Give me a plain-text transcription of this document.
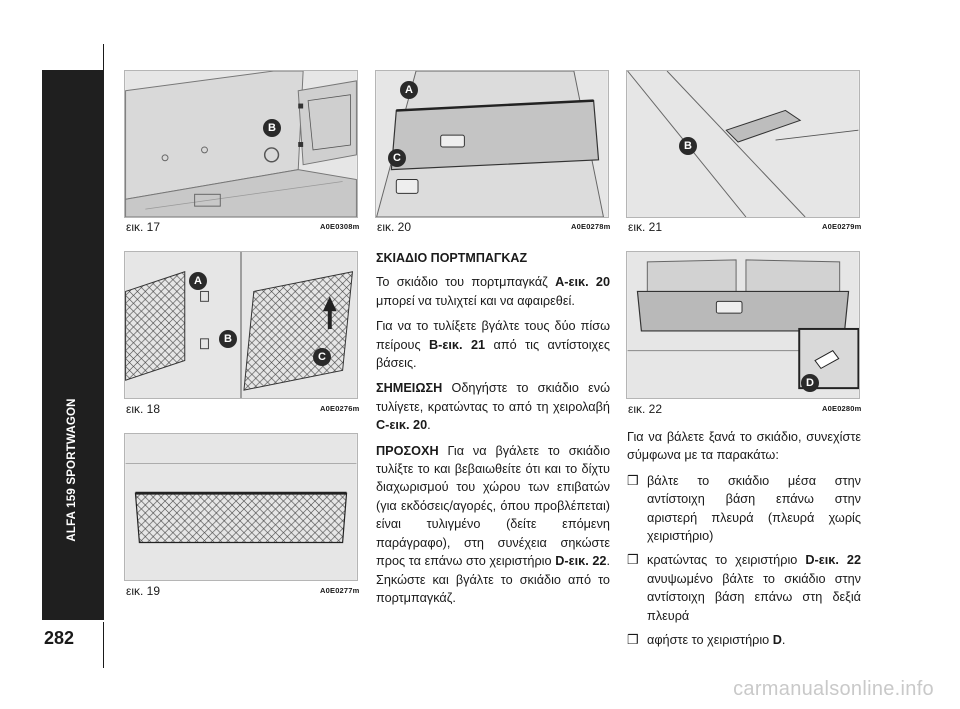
ALFA 159 SPORTWAGON
282
B
εικ. 17	A0E0308m
A
B
C
εικ. 18	A0E0276m
εικ. 19	A0E0277m
A
C
εικ. 20	A0E0278m
B
εικ. 21	A0E0279m
D
εικ. 22	A0E0280m
ΣΚΙΑΔΙΟ ΠΟΡΤΜΠΑΓΚΑΖ

Το σκιάδιο του πορτμπαγκάζ A-εικ. 20 μπορεί να τυλιχτεί και να αφαιρεθεί.

Για να το τυλίξετε βγάλτε τους δύο πίσω πείρους B-εικ. 21 από τις αντίστοιχες βάσεις.

ΣΗΜΕΙΩΣΗ Οδηγήστε το σκιάδιο ενώ τυλίγετε, κρατώντας το από τη χειρολαβή C-εικ. 20.

ΠΡΟΣΟΧΗ Για να βγάλετε το σκιάδιο τυλίξτε το και βεβαιωθείτε ότι και το δίχτυ διαχωρισμού του χώρου των επιβατών (για εκδόσεις/αγορές, όπου προβλέπεται) είναι τυλιγμένο (δείτε επόμενη παράγραφο), στη συνέχεια σηκώστε προς τα επάνω στο χειριστήριο D-εικ. 22. Σηκώστε και βγάλτε το σκιάδιο από το πορτμπαγκάζ.

Για να βάλετε ξανά το σκιάδιο, συνεχίστε σύμφωνα με τα παρακάτω:

❒ βάλτε το σκιάδιο μέσα στην αντίστοιχη βάση επάνω στην αριστερή πλευρά (πλευρά χωρίς χειριστήριο)
❒ κρατώντας το χειριστήριο D-εικ. 22 ανυψωμένο βάλτε το σκιάδιο στην αντίστοιχη βάση επάνω στη δεξιά πλευρά
❒ αφήστε το χειριστήριο D.
carmanualsonline.info
